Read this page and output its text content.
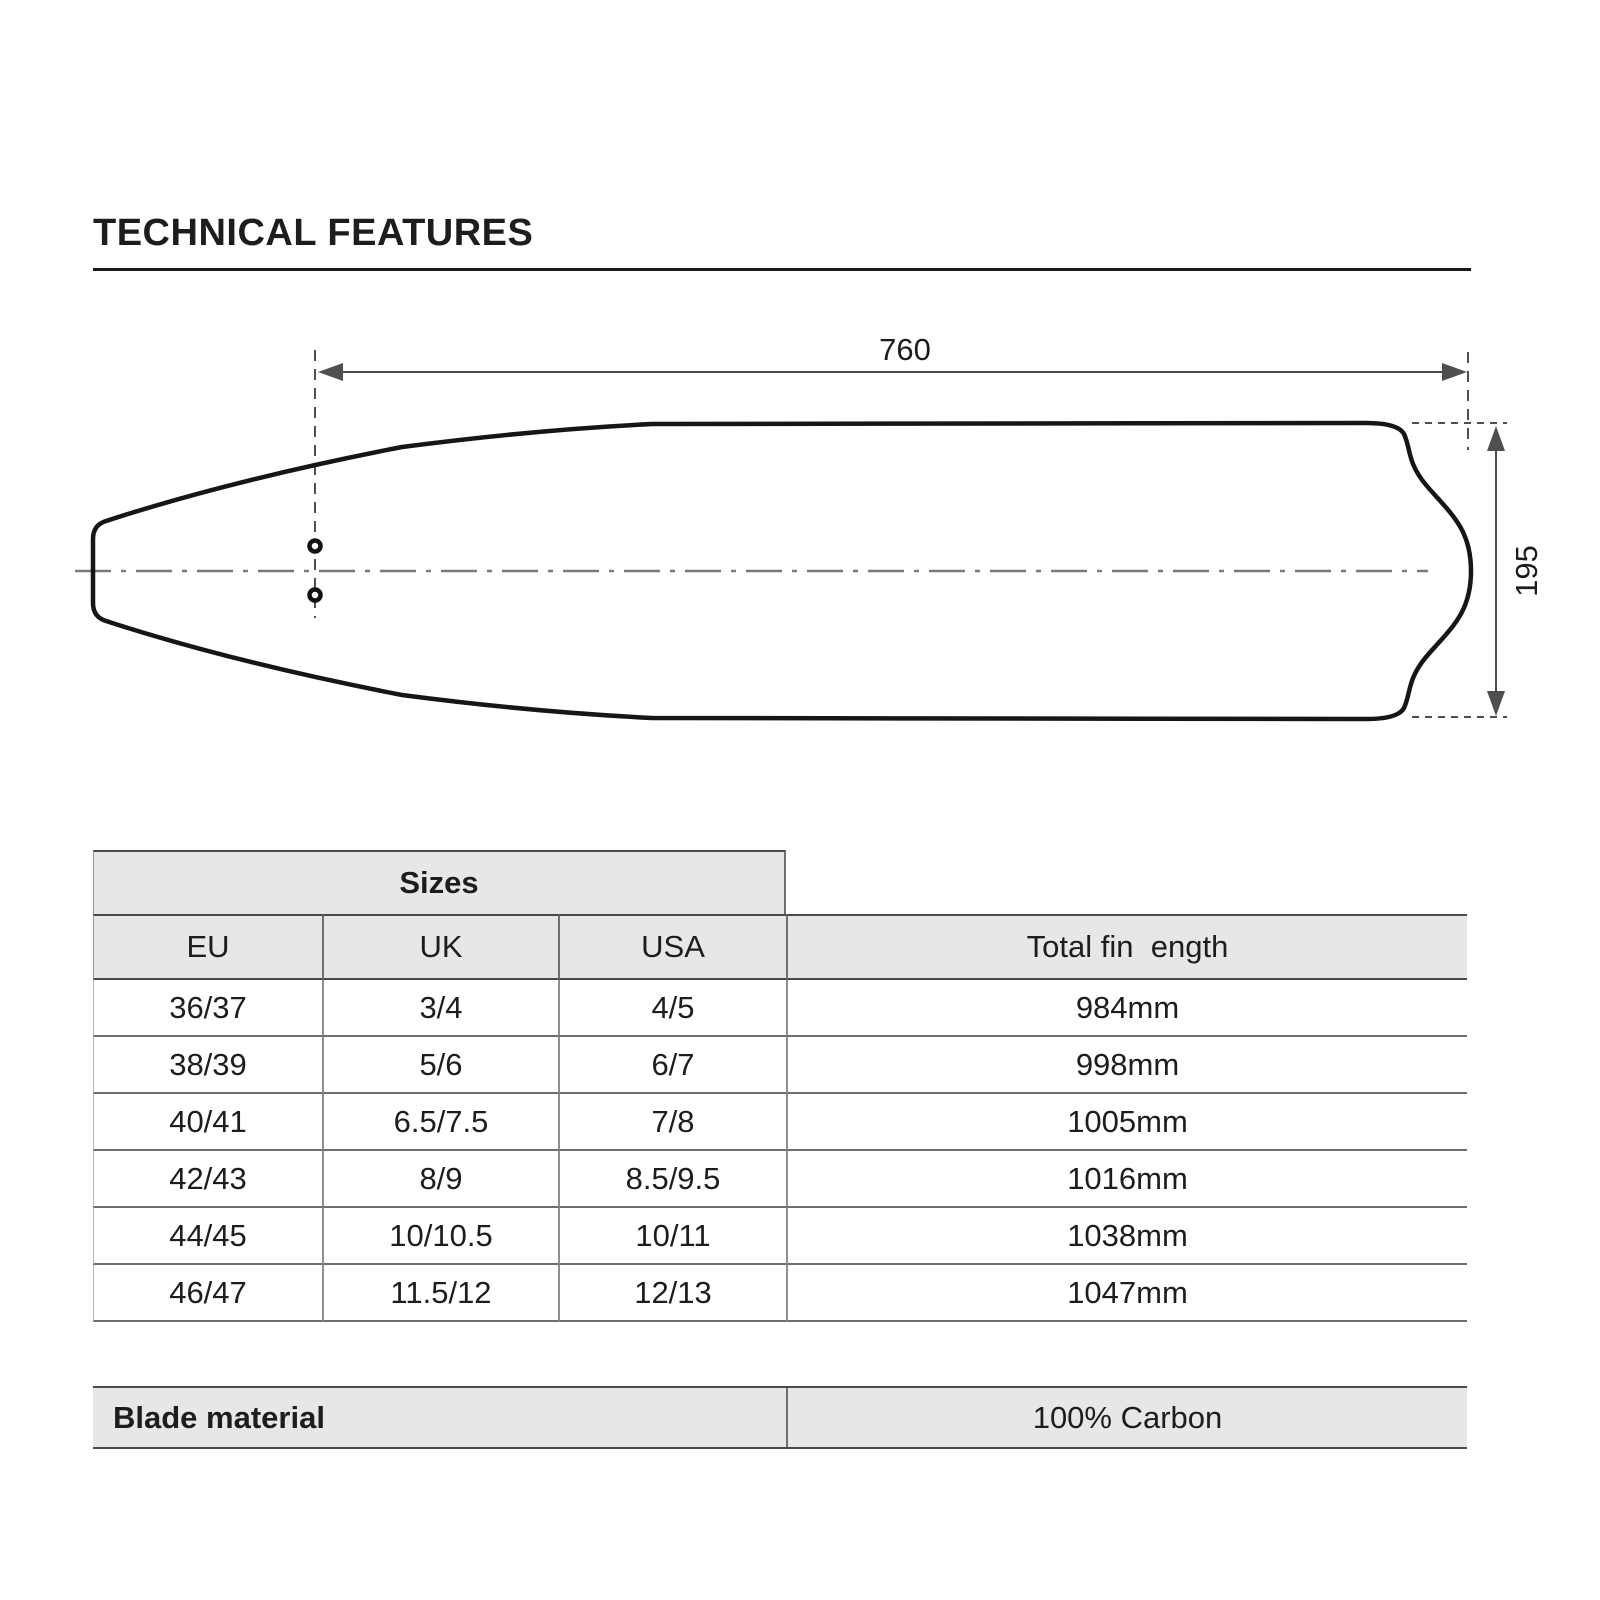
TECHNICAL FEATURES
760
195
Sizes
EU	UK	USA	Total fin  ength
36/37	3/4	4/5	984mm
38/39	5/6	6/7	998mm
40/41	6.5/7.5	7/8	1005mm
42/43	8/9	8.5/9.5	1016mm
44/45	10/10.5	10/11	1038mm
46/47	11.5/12	12/13	1047mm
Blade material	100% Carbon
